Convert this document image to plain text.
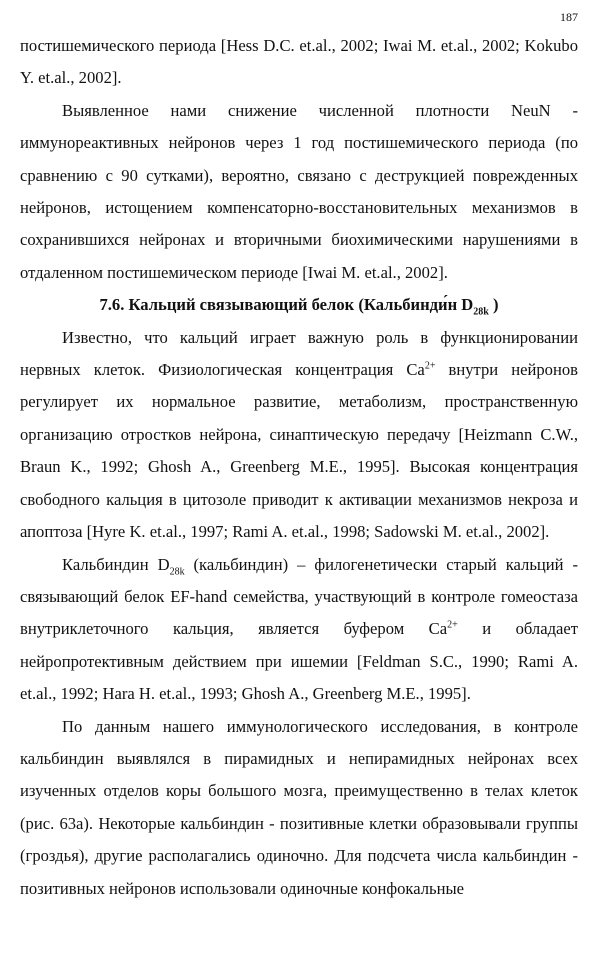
187

постишемического периода [Hess D.C. et.al., 2002; Iwai M. et.al., 2002; Kokubo Y. et.al., 2002].

Выявленное нами снижение численной плотности NeuN - иммунореактивных нейронов через 1 год постишемического периода (по сравнению с 90 сутками), вероятно, связано с деструкцией поврежденных нейронов, истощением компенсаторно-восстановительных механизмов в сохранившихся нейронах и вторичными биохимическими нарушениями в отдаленном постишемическом периоде [Iwai M. et.al., 2002].

7.6. Кальций связывающий белок (Кальбинди́н $D_{28k}$ )

Известно, что кальций играет важную роль в функционировании нервных клеток. Физиологическая концентрация $Ca^{2+}$ внутри нейронов регулирует их нормальное развитие, метаболизм, пространственную организацию отростков нейрона, синаптическую передачу [Heizmann C.W., Braun K., 1992; Ghosh A., Greenberg M.E., 1995]. Высокая концентрация свободного кальция в цитозоле приводит к активации механизмов некроза и апоптоза [Hyre K. et.al., 1997; Rami A. et.al., 1998; Sadowski M. et.al., 2002].

Кальбиндин $D_{28k}$ (кальбиндин) – филогенетически старый кальций - связывающий белок EF-hand семейства, участвующий в контроле гомеостаза внутриклеточного кальция, является буфером $Ca^{2+}$ и обладает нейропротективным действием при ишемии [Feldman S.C., 1990; Rami A. et.al., 1992; Hara H. et.al., 1993; Ghosh A., Greenberg M.E., 1995].

По данным нашего иммунологического исследования, в контроле кальбиндин выявлялся в пирамидных и непирамидных нейронах всех изученных отделов коры большого мозга, преимущественно в телах клеток (рис. 63а). Некоторые кальбиндин - позитивные клетки образовывали группы (гроздья), другие располагались одиночно. Для подсчета числа кальбиндин - позитивных нейронов использовали одиночные конфокальные
